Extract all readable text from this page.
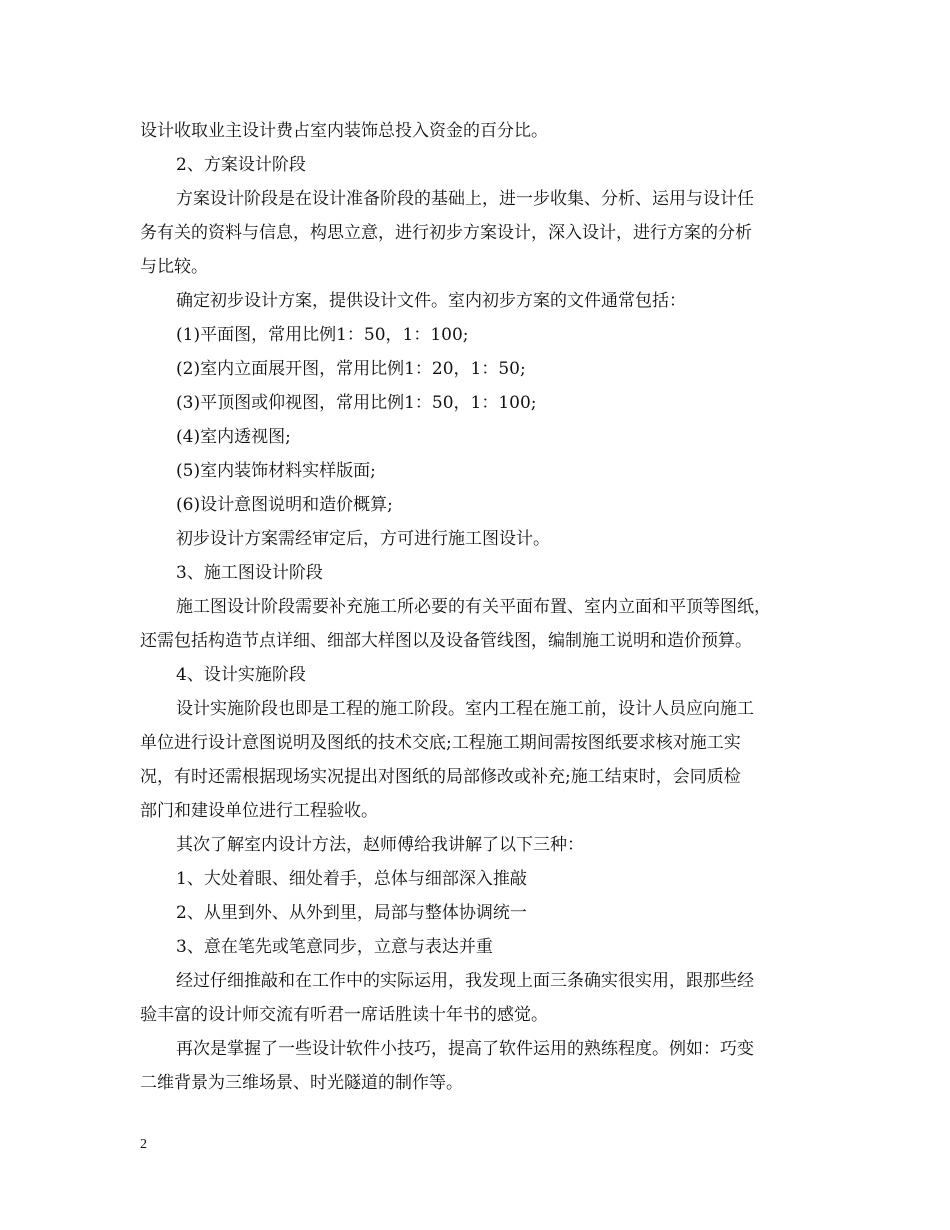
设计收取业主设计费占室内装饰总投入资金的百分比。
2、方案设计阶段
方案设计阶段是在设计准备阶段的基础上，进一步收集、分析、运用与设计任
务有关的资料与信息，构思立意，进行初步方案设计，深入设计，进行方案的分析
与比较。
确定初步设计方案，提供设计文件。室内初步方案的文件通常包括：
(1)平面图，常用比例1：50，1：100;
(2)室内立面展开图，常用比例1：20，1：50;
(3)平顶图或仰视图，常用比例1：50，1：100;
(4)室内透视图;
(5)室内装饰材料实样版面;
(6)设计意图说明和造价概算;
初步设计方案需经审定后，方可进行施工图设计。
3、施工图设计阶段
施工图设计阶段需要补充施工所必要的有关平面布置、室内立面和平顶等图纸，
还需包括构造节点详细、细部大样图以及设备管线图，编制施工说明和造价预算。
4、设计实施阶段
设计实施阶段也即是工程的施工阶段。室内工程在施工前，设计人员应向施工
单位进行设计意图说明及图纸的技术交底;工程施工期间需按图纸要求核对施工实
况，有时还需根据现场实况提出对图纸的局部修改或补充;施工结束时，会同质检
部门和建设单位进行工程验收。
其次了解室内设计方法，赵师傅给我讲解了以下三种：
1、大处着眼、细处着手，总体与细部深入推敲
2、从里到外、从外到里，局部与整体协调统一
3、意在笔先或笔意同步，立意与表达并重
经过仔细推敲和在工作中的实际运用，我发现上面三条确实很实用，跟那些经
验丰富的设计师交流有听君一席话胜读十年书的感觉。
再次是掌握了一些设计软件小技巧，提高了软件运用的熟练程度。例如：巧变
二维背景为三维场景、时光隧道的制作等。
2
